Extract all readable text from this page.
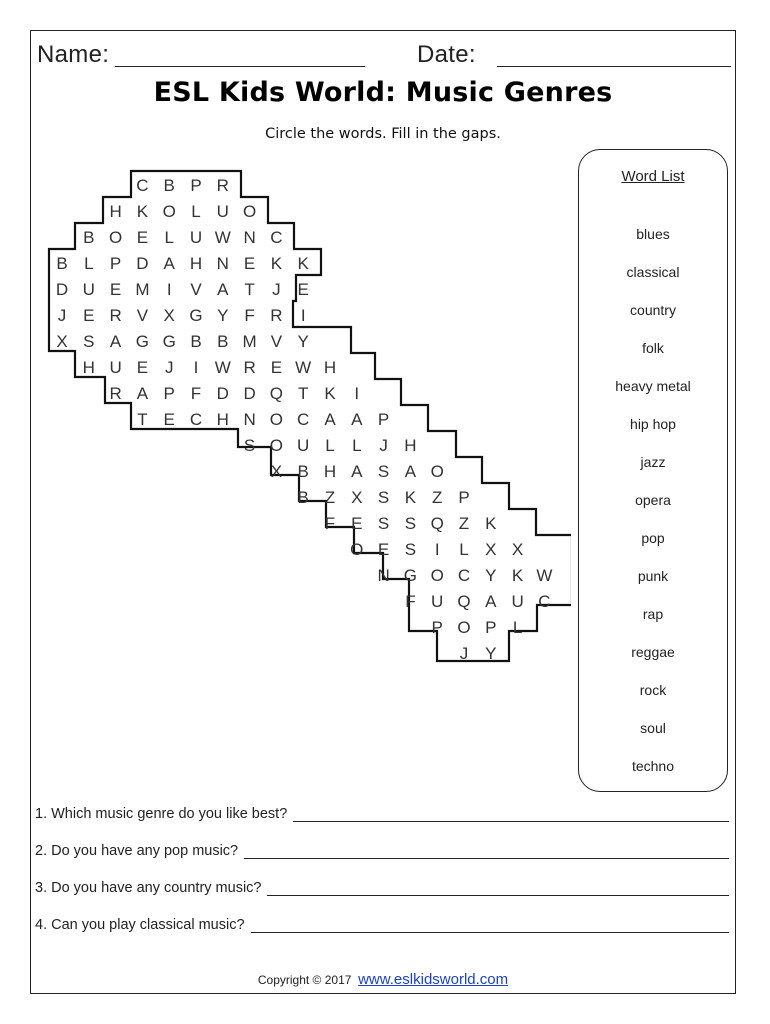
Name:	Date:
ESL Kids World: Music Genres
Circle the words. Fill in the gaps.
C B P R
H K O L U O
B O E L U W N C
B L P D A H N E K K
D U E M I V A T J E
J E R V X G Y F R I
X S A G G B B M V Y
H U E J I W R E W H
R A P F D D Q T K I
T E C H N O C A A P
S O U L L J H
X B H A S A O
B Z X S K Z P
F E S S Q Z K
O E S I L X X
N G O C Y K W
F U Q A U C
P O P L
J Y
Word List
blues
classical
country
folk
heavy metal
hip hop
jazz
opera
pop
punk
rap
reggae
rock
soul
techno
1. Which music genre do you like best?
2. Do you have any pop music?
3. Do you have any country music?
4. Can you play classical music?
Copyright © 2017 www.eslkidsworld.com
